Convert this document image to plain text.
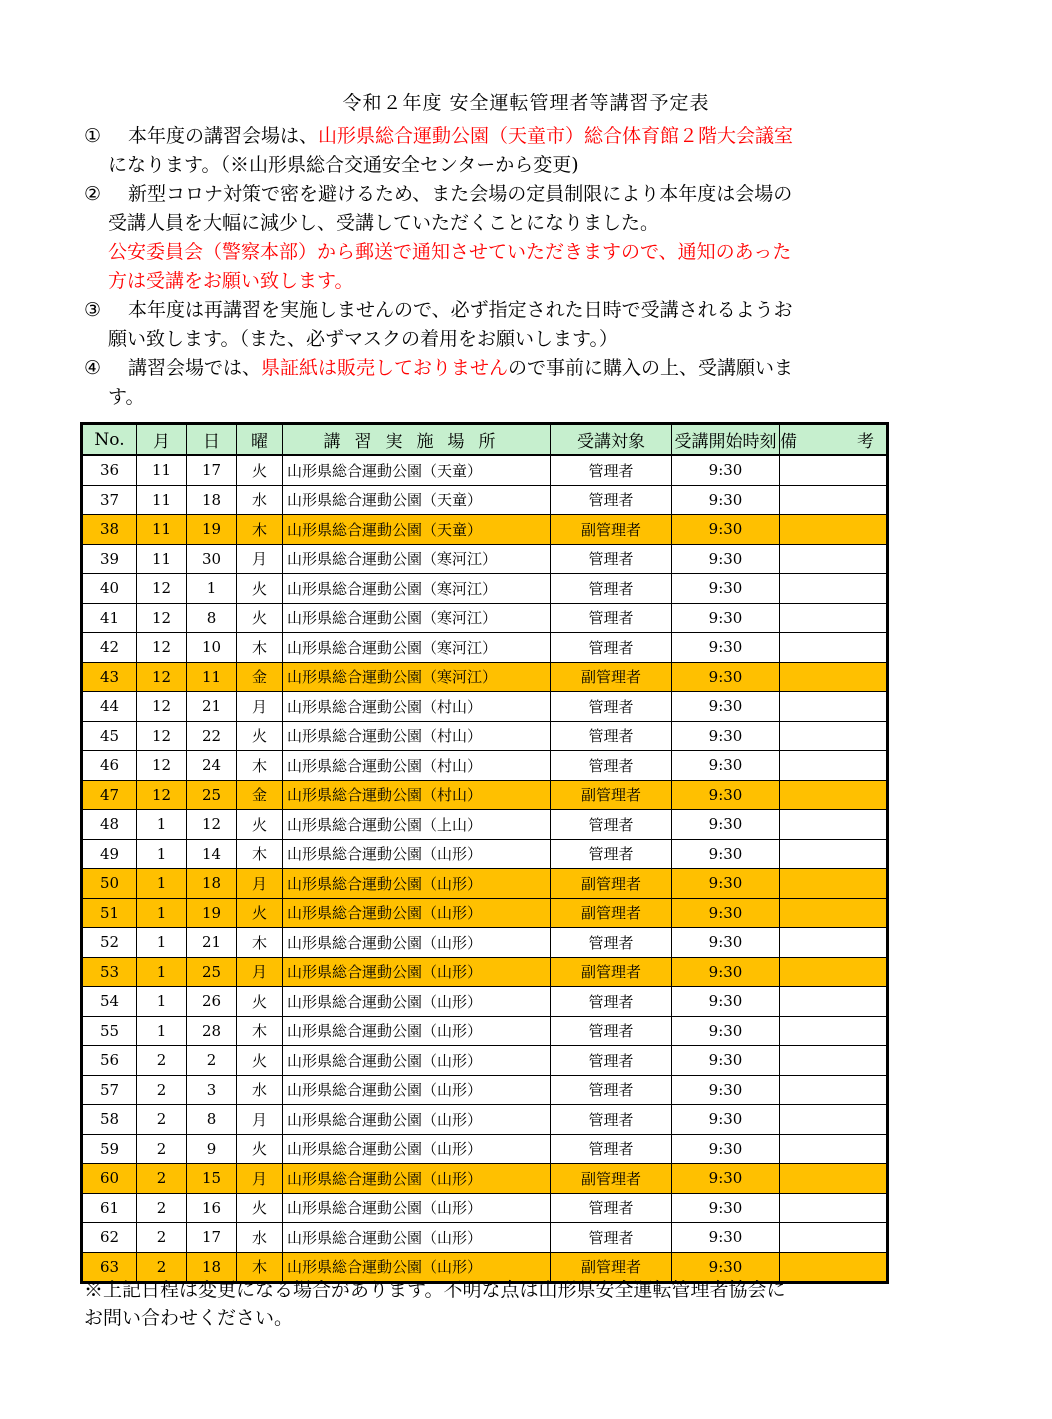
令和２年度 安全運転管理者等講習予定表
①	本年度の講習会場は、山形県総合運動公園（天童市）総合体育館２階大会議室
になります。（※山形県総合交通安全センターから変更)
②	新型コロナ対策で密を避けるため、また会場の定員制限により本年度は会場の
受講人員を大幅に減少し、受講していただくことになりました。
公安委員会（警察本部）から郵送で通知させていただきますので、通知のあった
方は受講をお願い致します。
③	本年度は再講習を実施しませんので、必ず指定された日時で受講されるようお
願い致します。（また、必ずマスクの着用をお願いします。）
④	講習会場では、県証紙は販売しておりませんので事前に購入の上、受講願いま
す。
No.	月	日	曜	講習実施場所	受講対象	受講開始時刻	備 考
36	11	17	火	山形県総合運動公園（天童）	管理者	9:30	
37	11	18	水	山形県総合運動公園（天童）	管理者	9:30	
38	11	19	木	山形県総合運動公園（天童）	副管理者	9:30	
39	11	30	月	山形県総合運動公園（寒河江）	管理者	9:30	
40	12	1	火	山形県総合運動公園（寒河江）	管理者	9:30	
41	12	8	火	山形県総合運動公園（寒河江）	管理者	9:30	
42	12	10	木	山形県総合運動公園（寒河江）	管理者	9:30	
43	12	11	金	山形県総合運動公園（寒河江）	副管理者	9:30	
44	12	21	月	山形県総合運動公園（村山）	管理者	9:30	
45	12	22	火	山形県総合運動公園（村山）	管理者	9:30	
46	12	24	木	山形県総合運動公園（村山）	管理者	9:30	
47	12	25	金	山形県総合運動公園（村山）	副管理者	9:30	
48	1	12	火	山形県総合運動公園（上山）	管理者	9:30	
49	1	14	木	山形県総合運動公園（山形）	管理者	9:30	
50	1	18	月	山形県総合運動公園（山形）	副管理者	9:30	
51	1	19	火	山形県総合運動公園（山形）	副管理者	9:30	
52	1	21	木	山形県総合運動公園（山形）	管理者	9:30	
53	1	25	月	山形県総合運動公園（山形）	副管理者	9:30	
54	1	26	火	山形県総合運動公園（山形）	管理者	9:30	
55	1	28	木	山形県総合運動公園（山形）	管理者	9:30	
56	2	2	火	山形県総合運動公園（山形）	管理者	9:30	
57	2	3	水	山形県総合運動公園（山形）	管理者	9:30	
58	2	8	月	山形県総合運動公園（山形）	管理者	9:30	
59	2	9	火	山形県総合運動公園（山形）	管理者	9:30	
60	2	15	月	山形県総合運動公園（山形）	副管理者	9:30	
61	2	16	火	山形県総合運動公園（山形）	管理者	9:30	
62	2	17	水	山形県総合運動公園（山形）	管理者	9:30	
63	2	18	木	山形県総合運動公園（山形）	副管理者	9:30	
※上記日程は変更になる場合があります。不明な点は山形県安全運転管理者協会に
お問い合わせください。
